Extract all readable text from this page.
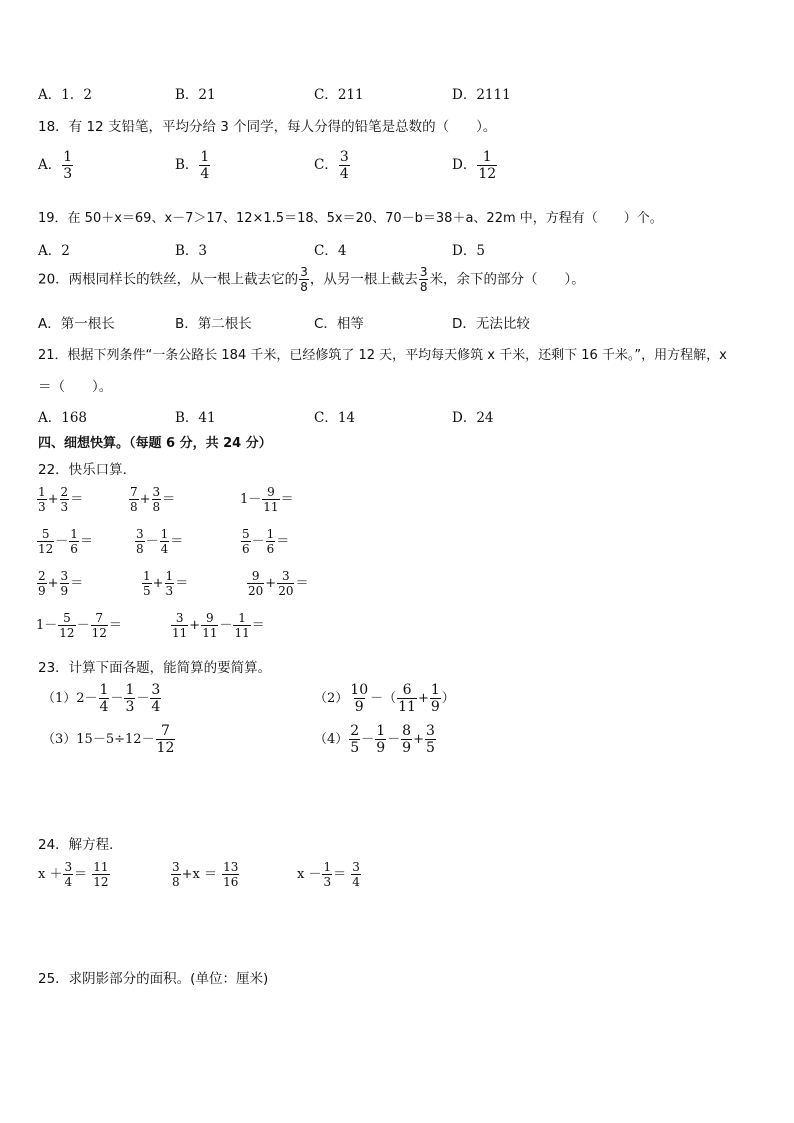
A．1．2	B．21	C．211	D．2111
18．有 12 支铅笔，平均分给 3 个同学，每人分得的铅笔是总数的（　　）。
A． $\frac{1}{3}$	B． $\frac{1}{4}$	C． $\frac{3}{4}$	D． $\frac{1}{12}$
19．在 50＋x＝69、x－7＞17、12×1.5＝18、5x＝20、70－b＝38＋a、22m 中，方程有（　　）个。
A．2	B．3	C．4	D．5
20．两根同样长的铁丝，从一根上截去它的 $\frac{3}{8}$ ，从另一根上截去 $\frac{3}{8}$ 米，余下的部分（　　）。
A．第一根长	B．第二根长	C．相等	D．无法比较
21．根据下列条件“一条公路长 184 千米，已经修筑了 12 天，平均每天修筑 x 千米，还剩下 16 千米。”，用方程解，x
＝（　　）。
A．168	B．41	C．14	D．24
四、细想快算。（每题 6 分，共 24 分）
22．快乐口算．
$\frac{1}{3} + \frac{2}{3}$ ＝	$\frac{7}{8} + \frac{3}{8}$ ＝	$1- \frac{9}{11}$ ＝
$\frac{5}{12} - \frac{1}{6}$ ＝	$\frac{3}{8} - \frac{1}{4}$ ＝	$\frac{5}{6} - \frac{1}{6}$ ＝
$\frac{2}{9} + \frac{3}{9}$ ＝	$\frac{1}{5} + \frac{1}{3}$ ＝	$\frac{9}{20} + \frac{3}{20}$ ＝
$1- \frac{5}{12} - \frac{7}{12}$ ＝	$\frac{3}{11} + \frac{9}{11} - \frac{1}{11}$ ＝
23．计算下面各题，能简算的要简算。
$(1)2- \frac{1}{4} - \frac{1}{3} - \frac{3}{4}$	$(2) \frac{10}{9}$ －（ $\frac{6}{11} + \frac{1}{9}$ ）
$(3)15-5\div 12- \frac{7}{12}$	$(4) \frac{2}{5} - \frac{1}{9} - \frac{8}{9} + \frac{3}{5}$
24．解方程．
$x + \frac{3}{4} = \frac{11}{12}$	$\frac{3}{8} +x = \frac{13}{16}$	$x - \frac{1}{3} = \frac{3}{4}$
25．求阴影部分的面积。(单位：厘米)
